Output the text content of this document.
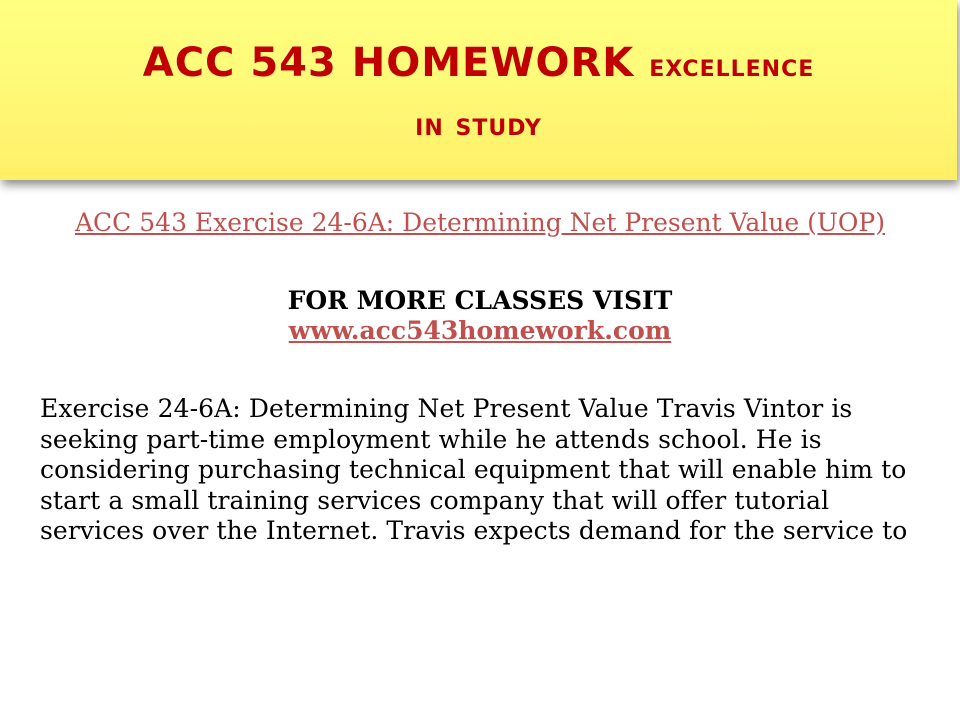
ACC 543 HOMEWORK excellence
in study
ACC 543 Exercise 24-6A: Determining Net Present Value (UOP)
FOR MORE CLASSES VISIT
www.acc543homework.com
Exercise 24-6A: Determining Net Present Value Travis Vintor is seeking part-time employment while he attends school. He is considering purchasing technical equipment that will enable him to start a small training services company that will offer tutorial services over the Internet. Travis expects demand for the service to
